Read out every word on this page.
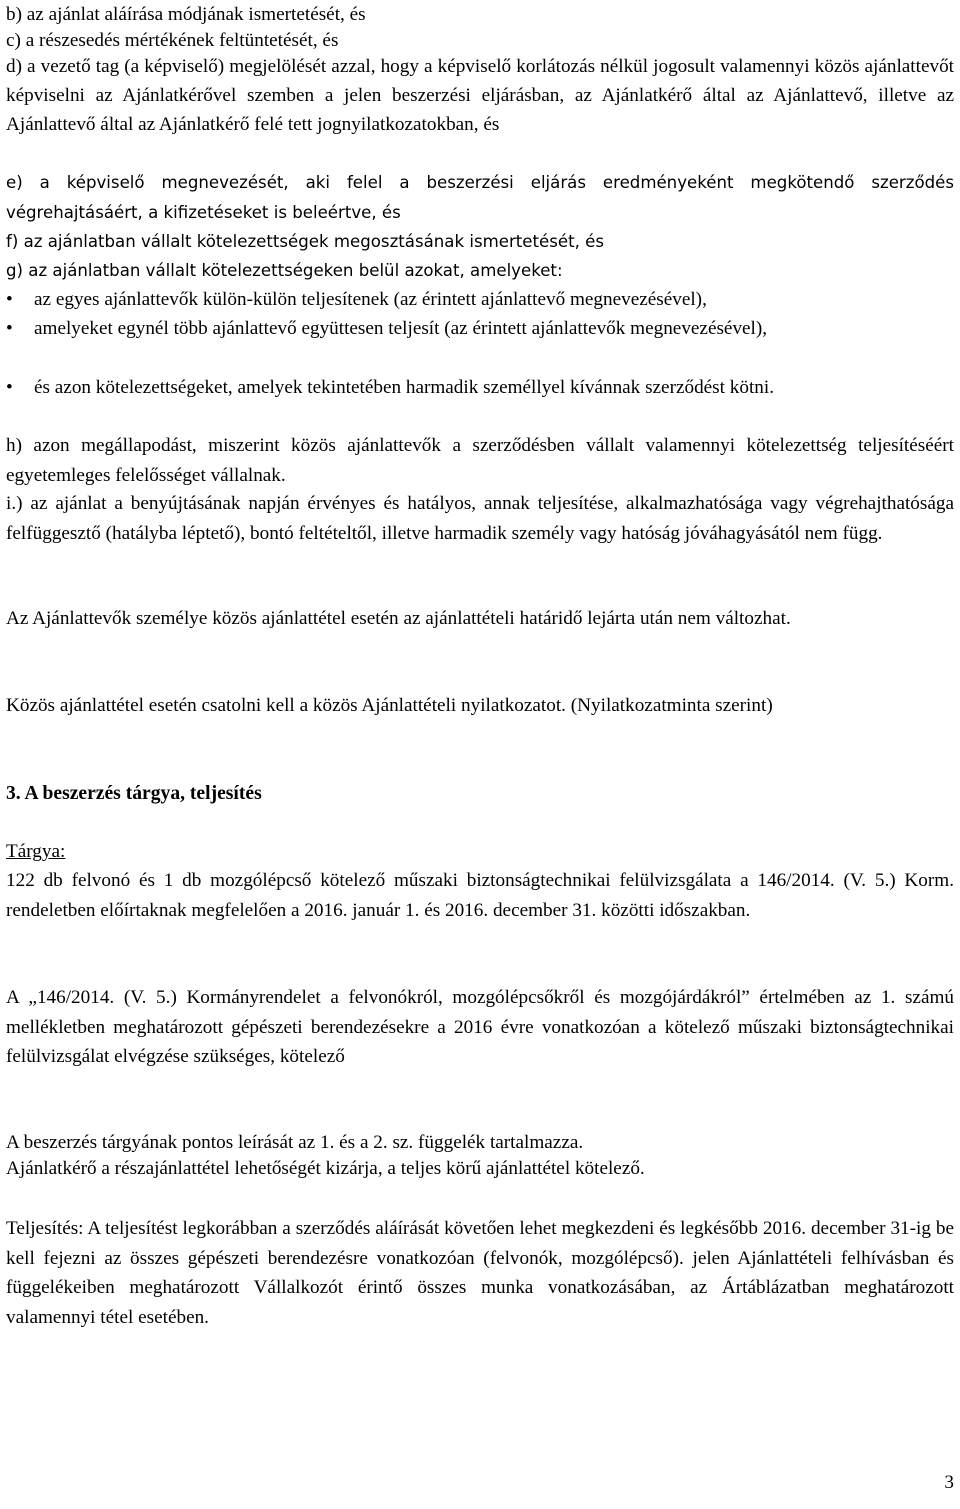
b) az ajánlat aláírása módjának ismertetését, és
c) a részesedés mértékének feltüntetését, és
d) a vezető tag (a képviselő) megjelölését azzal, hogy a képviselő korlátozás nélkül jogosult valamennyi közös ajánlattevőt képviselni az Ajánlatkérővel szemben a jelen beszerzési eljárásban, az Ajánlatkérő által az Ajánlattevő, illetve az Ajánlattevő által az Ajánlatkérő felé tett jognyilatkozatokban, és
e) a képviselő megnevezését, aki felel a beszerzési eljárás eredményeként megkötendő szerződés végrehajtásáért, a kifizetéseket is beleértve, és
f) az ajánlatban vállalt kötelezettségek megosztásának ismertetését, és
g) az ajánlatban vállalt kötelezettségeken belül azokat, amelyeket:
• az egyes ajánlattevők külön-külön teljesítenek (az érintett ajánlattevő megnevezésével),
•	amelyeket egynél több ajánlattevő együttesen teljesít (az érintett ajánlattevők megnevezésével),
•	és azon kötelezettségeket, amelyek tekintetében harmadik személlyel kívánnak szerződést kötni.
h) azon megállapodást, miszerint közös ajánlattevők a szerződésben vállalt valamennyi kötelezettség teljesítéséért egyetemleges felelősséget vállalnak.
i.) az ajánlat a benyújtásának napján érvényes és hatályos, annak teljesítése, alkalmazhatósága vagy végrehajthatósága felfüggesztő (hatályba léptető), bontó feltételtől, illetve harmadik személy vagy hatóság jóváhagyásától nem függ.
Az Ajánlattevők személye közös ajánlattétel esetén az ajánlattételi határidő lejárta után nem változhat.
Közös ajánlattétel esetén csatolni kell a közös Ajánlattételi nyilatkozatot. (Nyilatkozatminta szerint)
3. A beszerzés tárgya, teljesítés
Tárgya:
122 db felvonó és 1 db mozgólépcső kötelező műszaki biztonságtechnikai felülvizsgálata a 146/2014. (V. 5.) Korm. rendeletben előírtaknak megfelelően a 2016. január 1. és 2016. december 31. közötti időszakban.
A „146/2014. (V. 5.) Kormányrendelet a felvonókról, mozgólépcsőkről és mozgójárdákról” értelmében az 1. számú mellékletben meghatározott gépészeti berendezésekre a 2016 évre vonatkozóan a kötelező műszaki biztonságtechnikai felülvizsgálat elvégzése szükséges, kötelező
A beszerzés tárgyának pontos leírását az 1. és a 2. sz. függelék tartalmazza.
Ajánlatkérő a részajánlattétel lehetőségét kizárja, a teljes körű ajánlattétel kötelező.
Teljesítés: A teljesítést legkorábban a szerződés aláírását követően lehet megkezdeni és legkésőbb 2016. december 31-ig be kell fejezni az összes gépészeti berendezésre vonatkozóan (felvonók, mozgólépcső). jelen Ajánlattételi felhívásban és függelékeiben meghatározott Vállalkozót érintő összes munka vonatkozásában, az Ártáblázatban meghatározott valamennyi tétel esetében.
3
